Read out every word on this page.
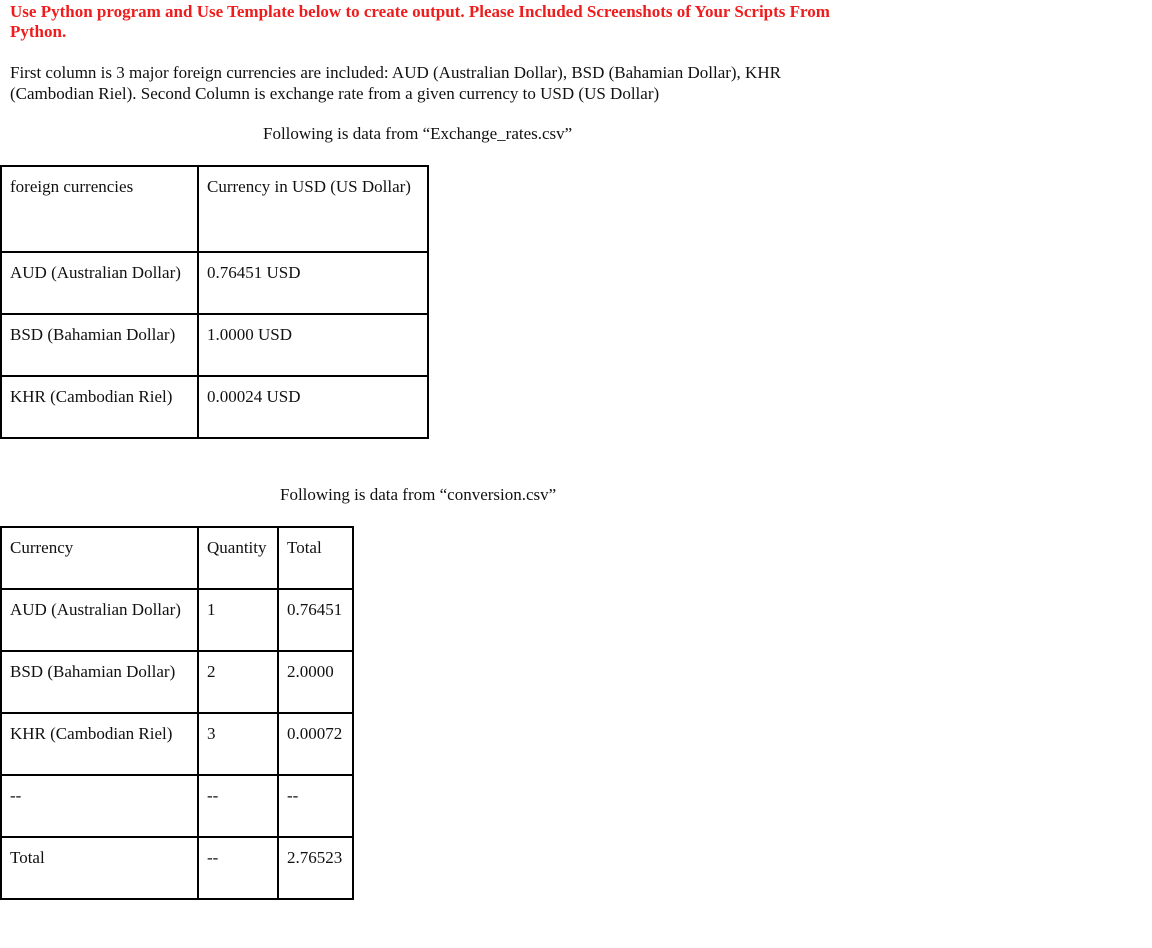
Use Python program and Use Template below to create output. Please Included Screenshots of Your Scripts From Python.
First column is 3 major foreign currencies are included: AUD (Australian Dollar), BSD (Bahamian Dollar), KHR (Cambodian Riel). Second Column is exchange rate from a given currency to USD (US Dollar)
Following is data from “Exchange_rates.csv”
foreign currencies	Currency in USD (US Dollar)
AUD (Australian Dollar)	0.76451 USD
BSD (Bahamian Dollar)	1.0000 USD
KHR (Cambodian Riel)	0.00024 USD
Following is data from “conversion.csv”
Currency	Quantity	Total
AUD (Australian Dollar)	1	0.76451
BSD (Bahamian Dollar)	2	2.0000
KHR (Cambodian Riel)	3	0.00072
--	--	--
Total	--	2.76523
